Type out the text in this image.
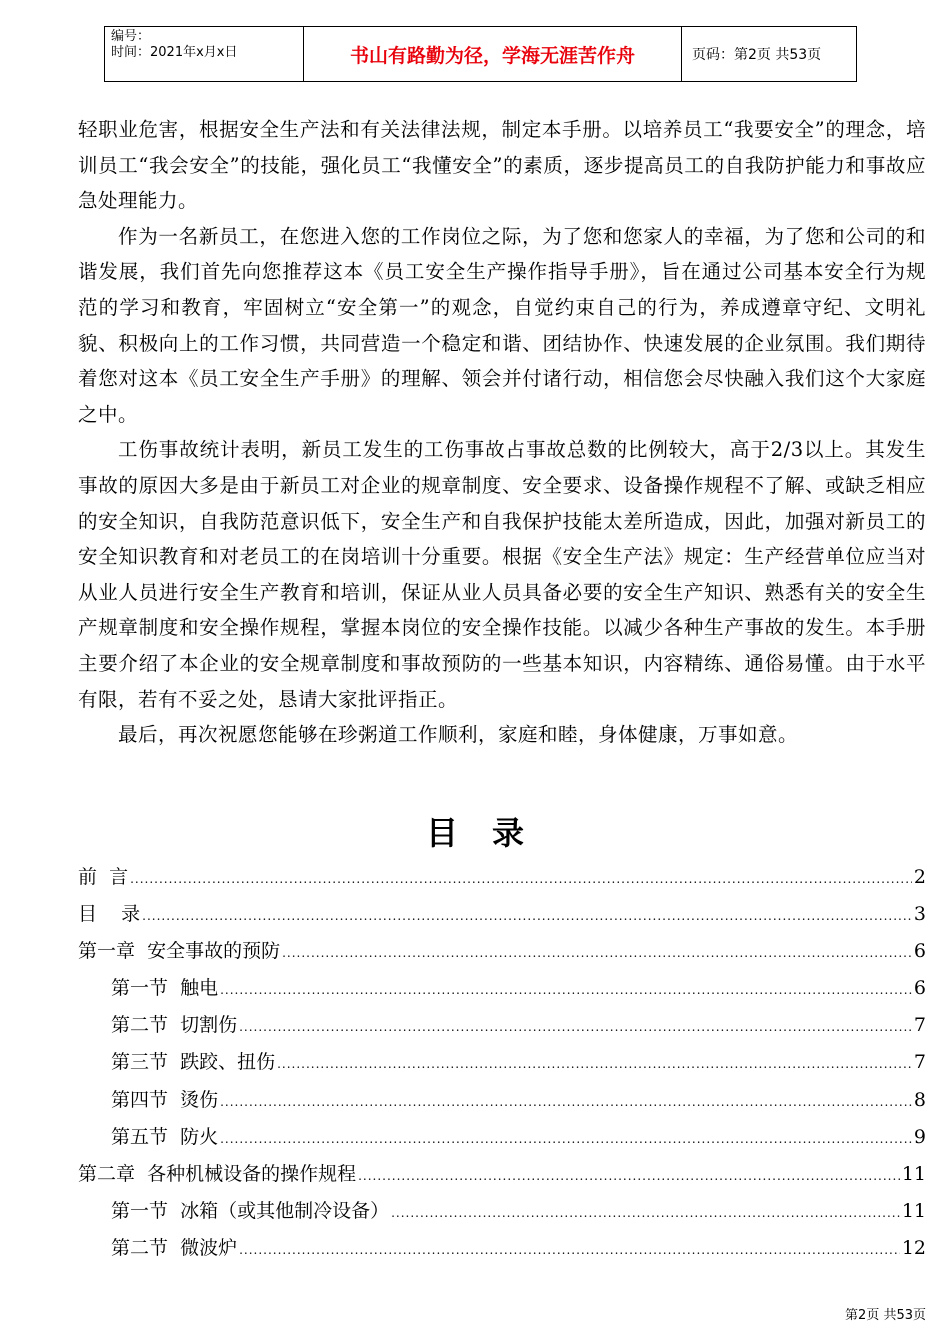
编号：
时间：2021年x月x日	书山有路勤为径，学海无涯苦作舟	页码：第2页 共53页

轻职业危害，根据安全生产法和有关法律法规，制定本手册。以培养员工“我要安全”的理念，培训员工“我会安全”的技能，强化员工“我懂安全”的素质，逐步提高员工的自我防护能力和事故应急处理能力。

作为一名新员工，在您进入您的工作岗位之际，为了您和您家人的幸福，为了您和公司的和谐发展，我们首先向您推荐这本《员工安全生产操作指导手册》，旨在通过公司基本安全行为规范的学习和教育，牢固树立“安全第一”的观念，自觉约束自己的行为，养成遵章守纪、文明礼貌、积极向上的工作习惯，共同营造一个稳定和谐、团结协作、快速发展的企业氛围。我们期待着您对这本《员工安全生产手册》的理解、领会并付诸行动，相信您会尽快融入我们这个大家庭之中。

工伤事故统计表明，新员工发生的工伤事故占事故总数的比例较大，高于2/3以上。其发生事故的原因大多是由于新员工对企业的规章制度、安全要求、设备操作规程不了解、或缺乏相应的安全知识，自我防范意识低下，安全生产和自我保护技能太差所造成，因此，加强对新员工的安全知识教育和对老员工的在岗培训十分重要。根据《安全生产法》规定：生产经营单位应当对从业人员进行安全生产教育和培训，保证从业人员具备必要的安全生产知识、熟悉有关的安全生产规章制度和安全操作规程，掌握本岗位的安全操作技能。以减少各种生产事故的发生。本手册主要介绍了本企业的安全规章制度和事故预防的一些基本知识，内容精练、通俗易懂。由于水平有限，若有不妥之处，恳请大家批评指正。

最后，再次祝愿您能够在珍粥道工作顺利，家庭和睦，身体健康，万事如意。

目录
前  言 .....	2
目    录 .....	3
第一章  安全事故的预防 .....	6
第一节  触电 .....	6
第二节  切割伤 .....	7
第三节  跌跤、扭伤 .....	7
第四节  烫伤 .....	8
第五节  防火 .....	9
第二章  各种机械设备的操作规程 .....	11
第一节  冰箱（或其他制冷设备） .....	11
第二节  微波炉 .....	12
第2页 共53页
